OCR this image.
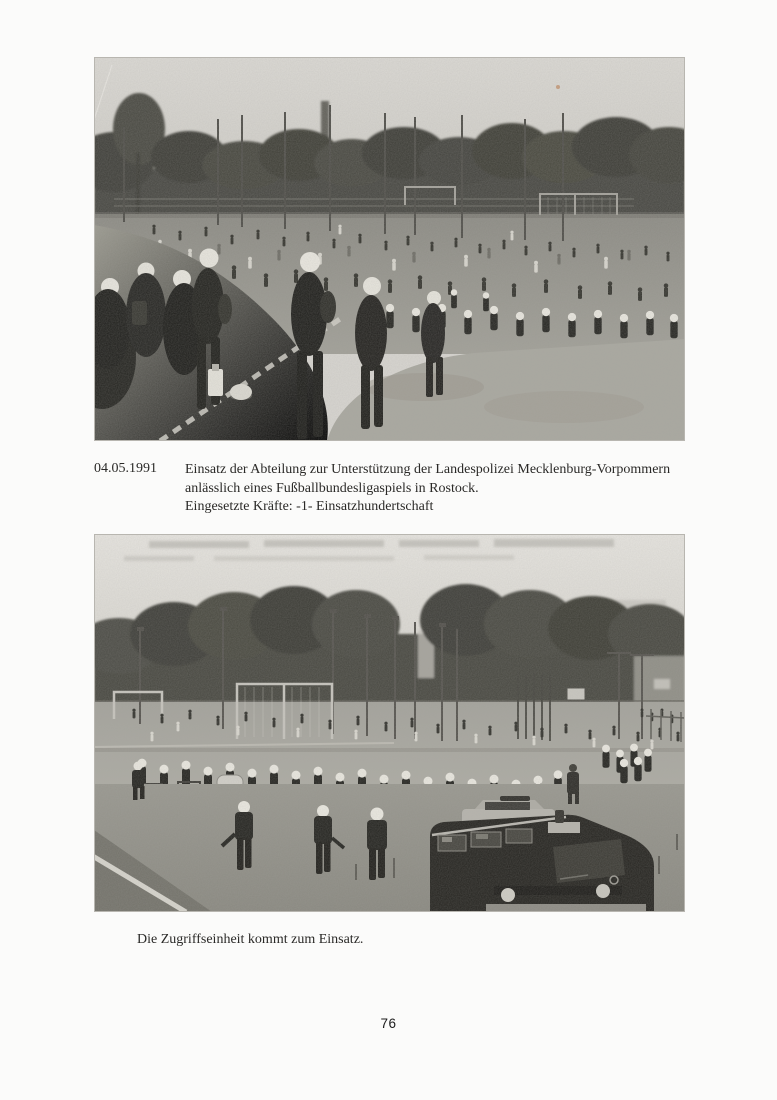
04.05.1991 Einsatz der Abteilung zur Unterstützung der Landespolizei Mecklenburg-Vorpommern
anlässlich eines Fußballbundesligaspiels in Rostock.
Eingesetzte Kräfte: -1- Einsatzhundertschaft
Die Zugriffseinheit kommt zum Einsatz.
76
